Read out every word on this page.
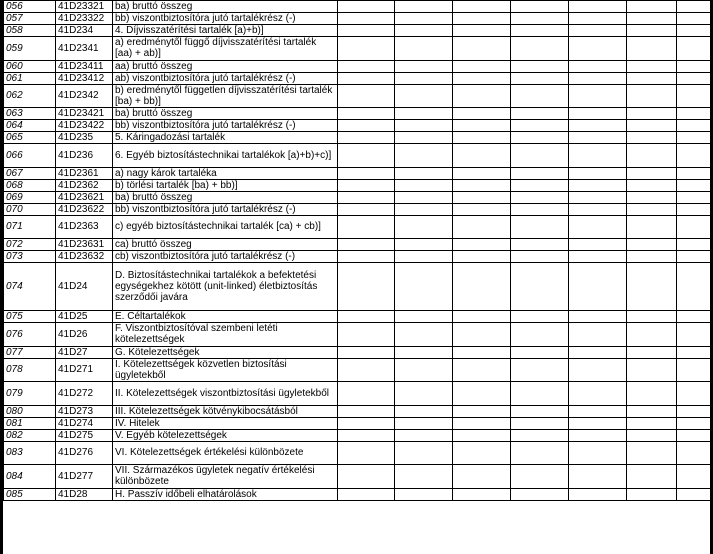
056	41D23321	ba) bruttó összeg							
057	41D23322	bb) viszontbiztosítóra jutó tartalékrész (-)							
058	41D234	4. Díjvisszatérítési tartalék [a)+b)]							
059	41D2341	a) eredménytől függő díjvisszatérítési tartalék [aa) + ab)]							
060	41D23411	aa) bruttó összeg							
061	41D23412	ab) viszontbiztosítóra jutó tartalékrész (-)							
062	41D2342	b) eredménytől független díjvisszatérítési tartalék [ba) + bb)]							
063	41D23421	ba) bruttó összeg							
064	41D23422	bb) viszontbiztosítóra jutó tartalékrész (-)							
065	41D235	5. Káringadozási tartalék							
066	41D236	6. Egyéb biztosítástechnikai tartalékok [a)+b)+c)]							
067	41D2361	a) nagy károk tartaléka							
068	41D2362	b) törlési tartalék [ba) + bb)]							
069	41D23621	ba) bruttó összeg							
070	41D23622	bb) viszontbiztosítóra jutó tartalékrész (-)							
071	41D2363	c) egyéb biztosítástechnikai tartalék [ca) + cb)]							
072	41D23631	ca) bruttó összeg							
073	41D23632	cb) viszontbiztosítóra jutó tartalékrész (-)							
074	41D24	D. Biztosítástechnikai tartalékok a befektetési egységekhez kötött (unit-linked) életbiztosítás szerződői javára							
075	41D25	E. Céltartalékok							
076	41D26	F. Viszontbiztosítóval szembeni letéti kötelezettségek							
077	41D27	G. Kötelezettségek							
078	41D271	I. Kötelezettségek közvetlen biztosítási ügyletekből							
079	41D272	II. Kötelezettségek viszontbiztosítási ügyletekből							
080	41D273	III. Kötelezettségek kötvénykibocsátásból							
081	41D274	IV. Hitelek							
082	41D275	V. Egyéb kötelezettségek							
083	41D276	VI. Kötelezettségek értékelési különbözete							
084	41D277	VII. Származékos ügyletek negatív értékelési különbözete							
085	41D28	H. Passzív időbeli elhatárolások							
